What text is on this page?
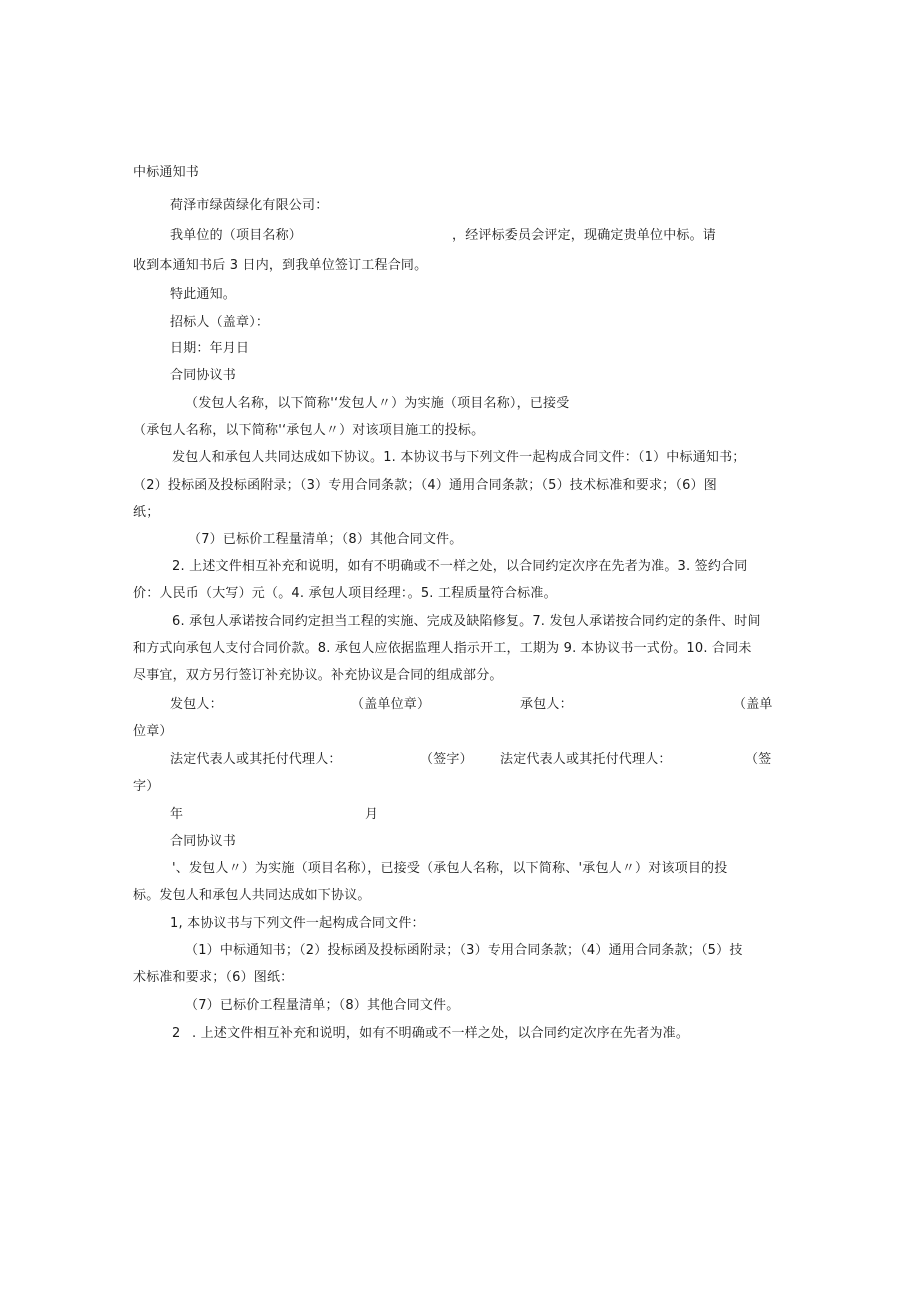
中标通知书
荷泽市绿茵绿化有限公司：
我单位的（项目名称）	，经评标委员会评定，现确定贵单位中标。请
收到本通知书后 3 日内，到我单位签订工程合同。
特此通知。
招标人（盖章）：
日期：年月日
合同协议书
（发包人名称，以下简称'‘发包人〃）为实施（项目名称），已接受
（承包人名称，以下简称'‘承包人〃）对该项目施工的投标。
发包人和承包人共同达成如下协议。1. 本协议书与下列文件一起构成合同文件：（1）中标通知书；
（2）投标函及投标函附录；（3）专用合同条款；（4）通用合同条款；（5）技术标准和要求；（6）图
纸；
（7）已标价工程量清单；（8）其他合同文件。
2. 上述文件相互补充和说明，如有不明确或不一样之处，以合同约定次序在先者为准。3. 签约合同
价：人民币（大写）元（。4. 承包人项目经理：。5. 工程质量符合标准。
6. 承包人承诺按合同约定担当工程的实施、完成及缺陷修复。7. 发包人承诺按合同约定的条件、时间
和方式向承包人支付合同价款。8. 承包人应依据监理人指示开工，工期为 9. 本协议书一式份。10. 合同未
尽事宜，双方另行签订补充协议。补充协议是合同的组成部分。
发包人：	（盖单位章）	承包人：	（盖单
位章）
法定代表人或其托付代理人：	（签字） 法定代表人或其托付代理人：	（签
字）
年	月
合同协议书
'、发包人〃）为实施（项目名称），已接受（承包人名称，以下简称、'承包人〃）对该项目的投
标。发包人和承包人共同达成如下协议。
1, 本协议书与下列文件一起构成合同文件：
（1）中标通知书；（2）投标函及投标函附录；（3）专用合同条款；（4）通用合同条款；（5）技
术标准和要求；（6）图纸：
（7）已标价工程量清单；（8）其他合同文件。
2 . 上述文件相互补充和说明，如有不明确或不一样之处，以合同约定次序在先者为准。
